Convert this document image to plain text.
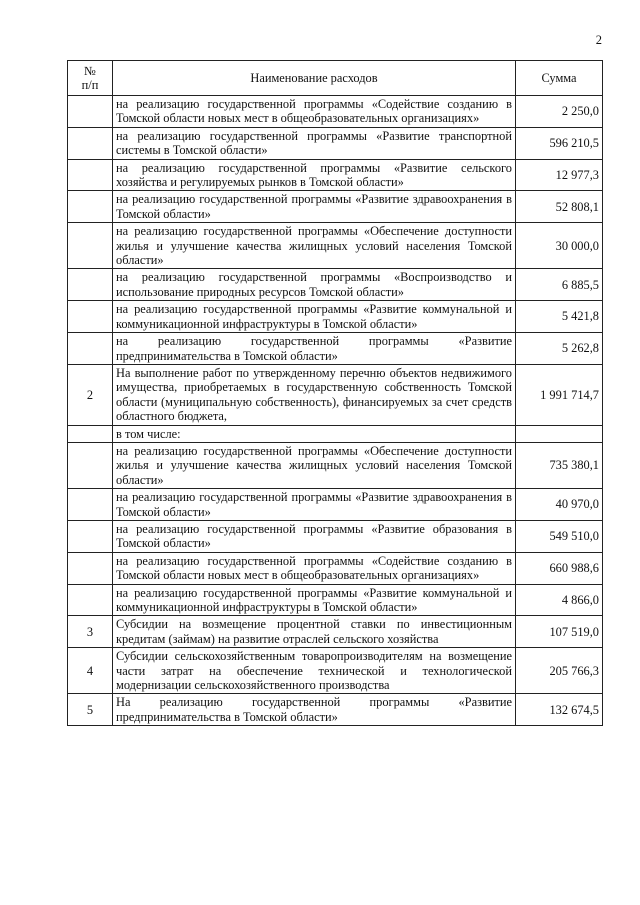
2
№
п/п	Наименование расходов	Сумма
	на реализацию государственной программы «Содействие созданию в Томской области новых мест в общеобразовательных организациях»	2 250,0
	на реализацию государственной программы «Развитие транспортной системы в Томской области»	596 210,5
	на реализацию государственной программы «Развитие сельского хозяйства и регулируемых рынков в Томской области»	12 977,3
	на реализацию государственной программы «Развитие здравоохранения в Томской области»	52 808,1
	на реализацию государственной программы «Обеспечение доступности жилья и улучшение качества жилищных условий населения Томской области»	30 000,0
	на реализацию государственной программы «Воспроизводство и использование природных ресурсов Томской области»	6 885,5
	на реализацию государственной программы «Развитие коммунальной и коммуникационной инфраструктуры в Томской области»	5 421,8
	на реализацию государственной программы «Развитие предпринимательства в Томской области»	5 262,8
2	На выполнение работ по утвержденному перечню объектов недвижимого имущества, приобретаемых в государственную собственность Томской области (муниципальную собственность), финансируемых за счет средств областного бюджета,	1 991 714,7
	в том числе:	
	на реализацию государственной программы «Обеспечение доступности жилья и улучшение качества жилищных условий населения Томской области»	735 380,1
	на реализацию государственной программы «Развитие здравоохранения в Томской области»	40 970,0
	на реализацию государственной программы «Развитие образования в Томской области»	549 510,0
	на реализацию государственной программы «Содействие созданию в Томской области новых мест в общеобразовательных организациях»	660 988,6
	на реализацию государственной программы «Развитие коммунальной и коммуникационной инфраструктуры в Томской области»	4 866,0
3	Субсидии на возмещение процентной ставки по инвестиционным кредитам (займам) на развитие отраслей сельского хозяйства	107 519,0
4	Субсидии сельскохозяйственным товаропроизводителям на возмещение части затрат на обеспечение технической и технологической модернизации сельскохозяйственного производства	205 766,3
5	На реализацию государственной программы «Развитие предпринимательства в Томской области»	132 674,5
